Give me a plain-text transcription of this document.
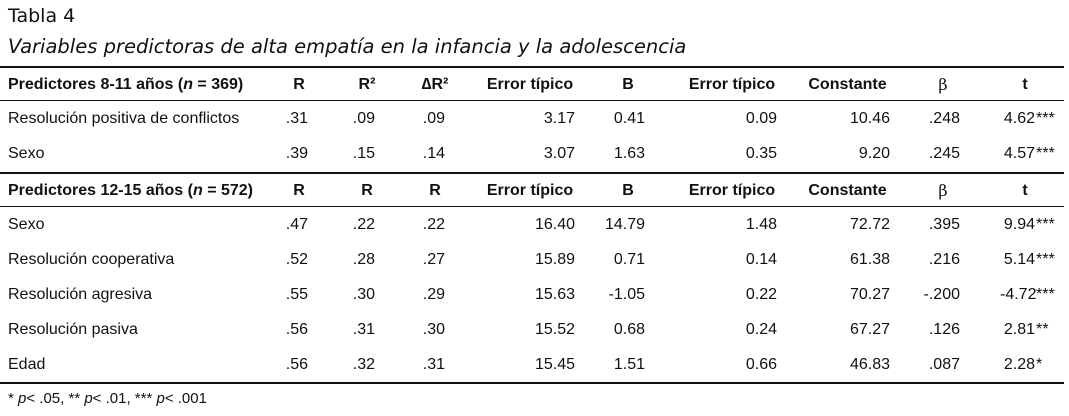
Tabla 4
Variables predictoras de alta empatía en la infancia y la adolescencia
Predictores 8-11 años (n = 369)	R	R²	∆R²	Error típico	B	Error típico	Constante	β	t
Resolución positiva de conflictos	.31	.09	.09	3.17	0.41	0.09	10.46	.248	4.62 ***
Sexo	.39	.15	.14	3.07	1.63	0.35	9.20	.245	4.57 ***
Predictores 12-15 años (n = 572)	R	R	R	Error típico	B	Error típico	Constante	β	t
Sexo	.47	.22	.22	16.40	14.79	1.48	72.72	.395	9.94 ***
Resolución cooperativa	.52	.28	.27	15.89	0.71	0.14	61.38	.216	5.14 ***
Resolución agresiva	.55	.30	.29	15.63	-1.05	0.22	70.27	-.200	-4.72 ***
Resolución pasiva	.56	.31	.30	15.52	0.68	0.24	67.27	.126	2.81 **
Edad	.56	.32	.31	15.45	1.51	0.66	46.83	.087	2.28 *
* p< .05, ** p< .01, *** p< .001
